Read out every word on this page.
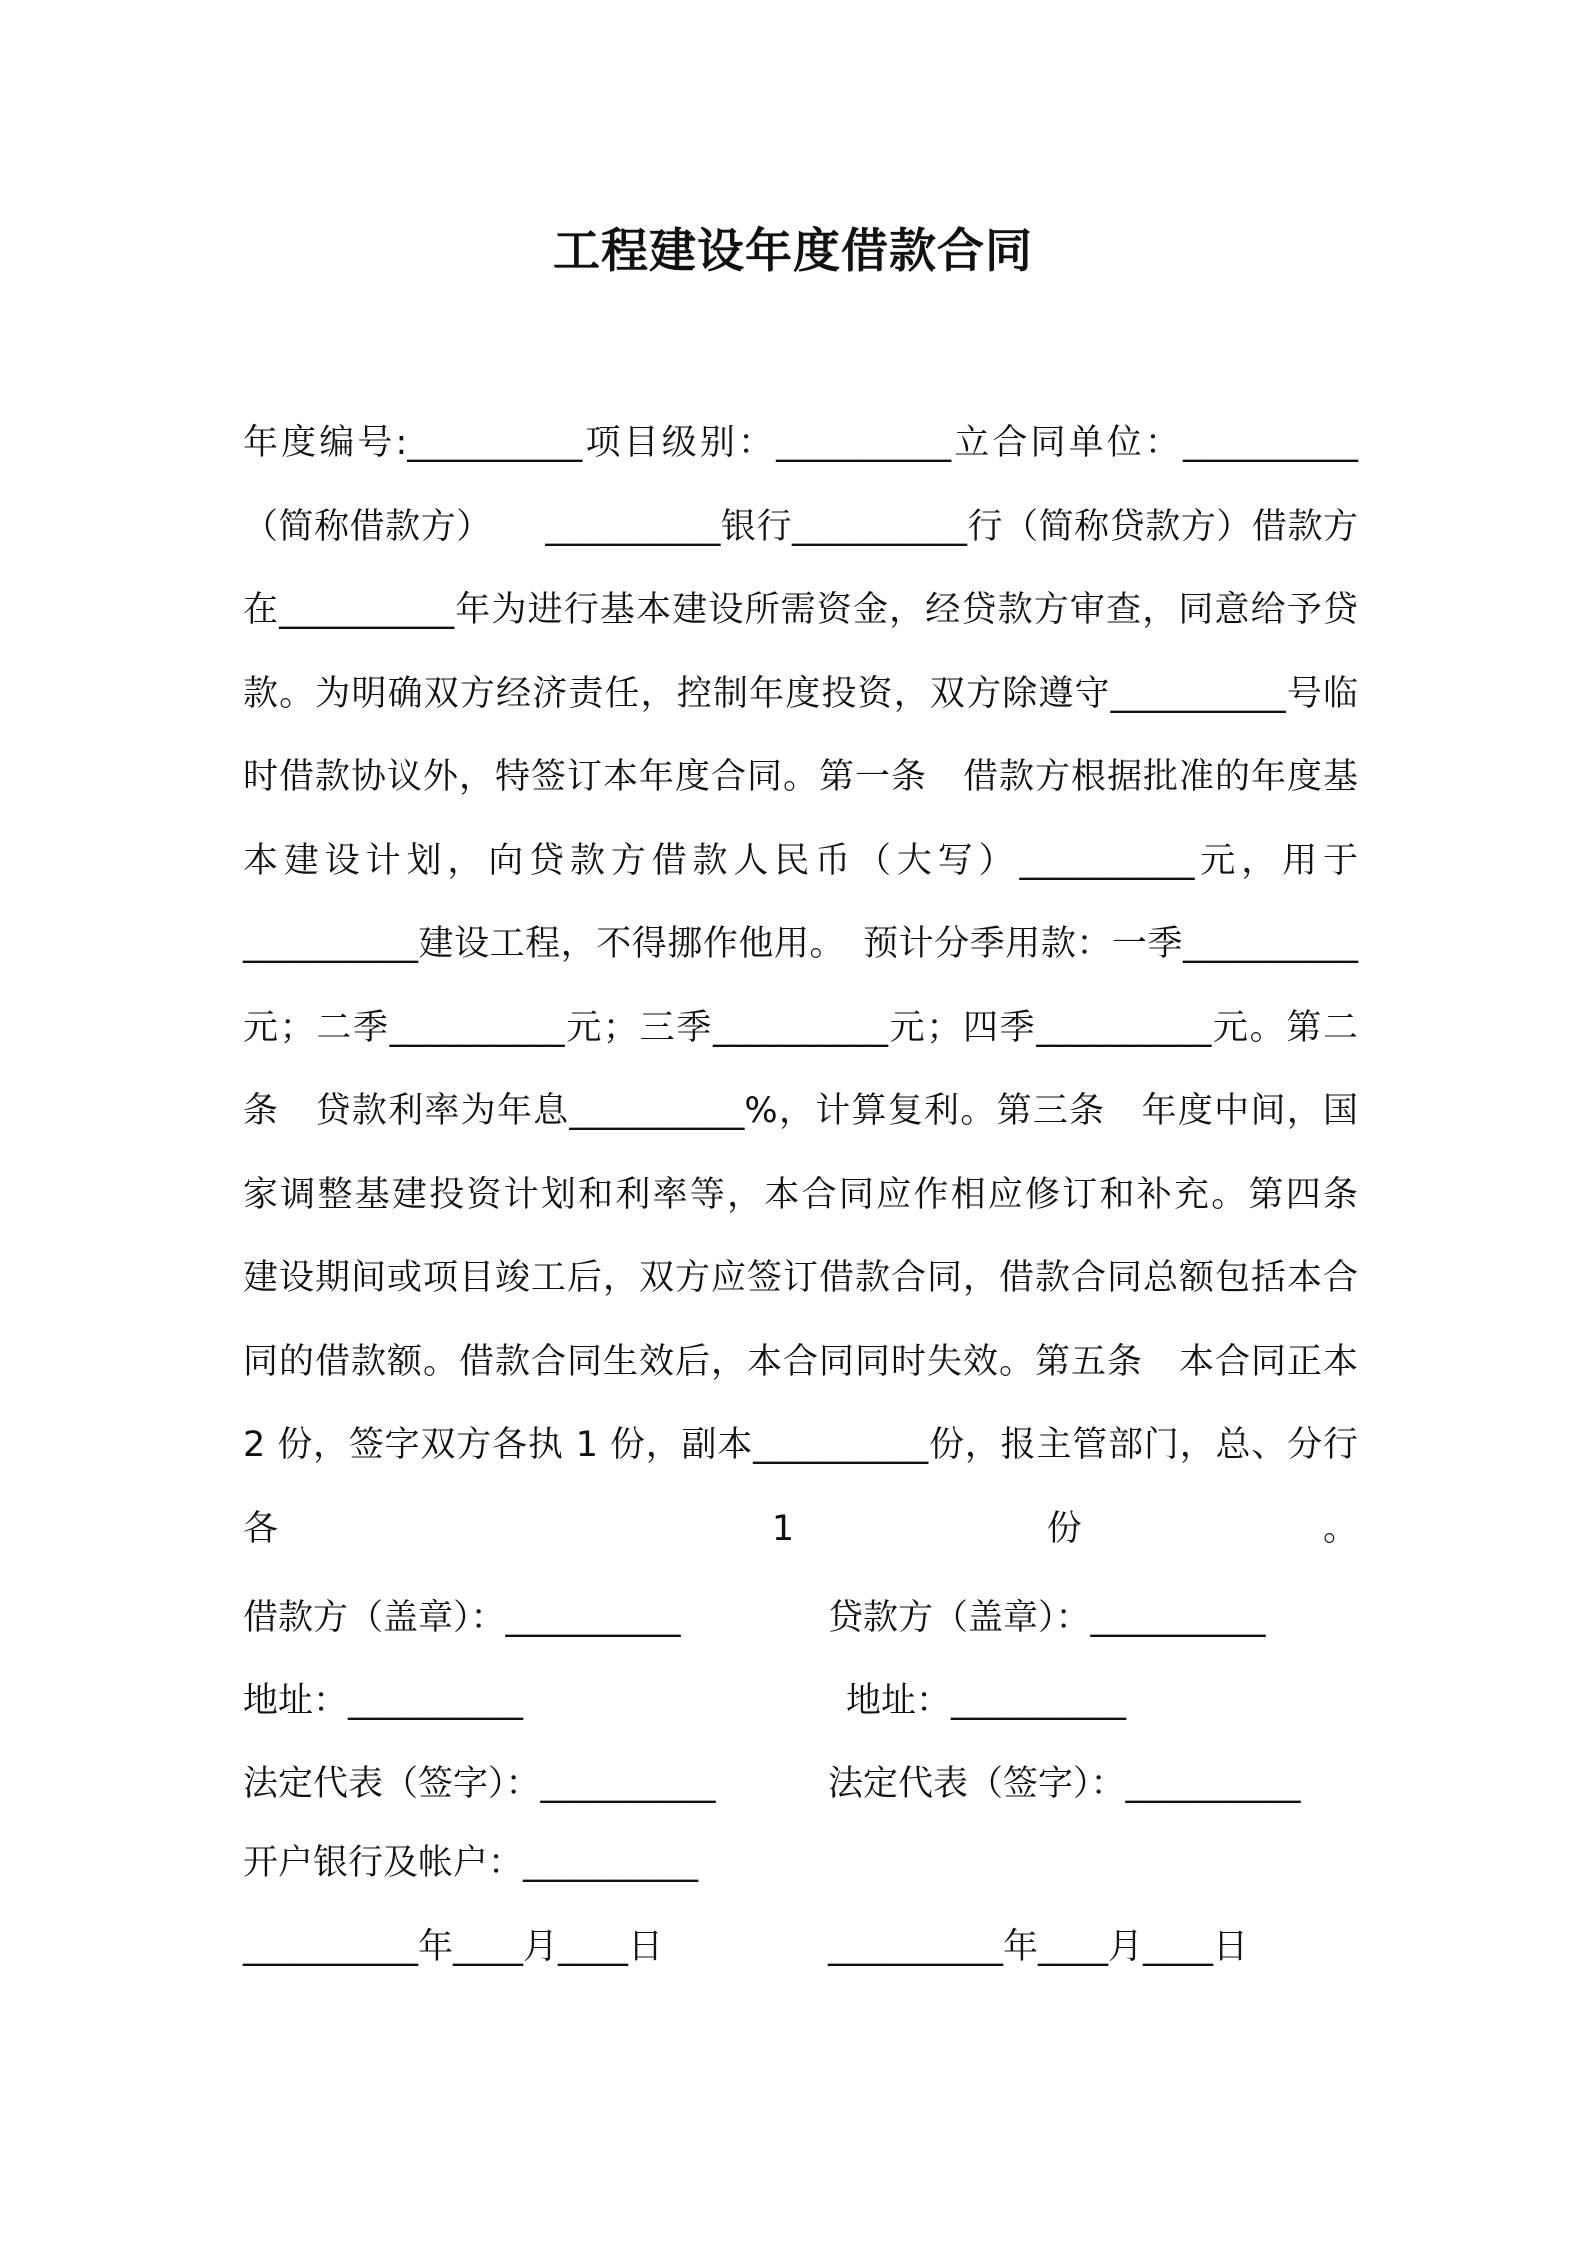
工程建设年度借款合同

年度编号:__________项目级别：__________立合同单位：__________（简称借款方）　　__________银行__________行（简称贷款方）借款方在__________年为进行基本建设所需资金，经贷款方审查，同意给予贷款。为明确双方经济责任，控制年度投资，双方除遵守__________号临时借款协议外，特签订本年度合同。第一条　借款方根据批准的年度基本建设计划，向贷款方借款人民币（大写）__________元，用于__________建设工程，不得挪作他用。　预计分季用款：一季__________元；二季__________元；三季__________元；四季__________元。第二条　贷款利率为年息__________%，计算复利。第三条　年度中间，国家调整基建投资计划和利率等，本合同应作相应修订和补充。第四条　建设期间或项目竣工后，双方应签订借款合同，借款合同总额包括本合同的借款额。借款合同生效后，本合同同时失效。第五条　本合同正本 2 份，签字双方各执 1 份，副本__________份，报主管部门，总、分行各 1 份。

借款方（盖章）：__________	贷款方（盖章）：__________
地址：__________	地址：__________
法定代表（签字）：__________	法定代表（签字）：__________
开户银行及帐户：__________
__________年____月____日	__________年____月____日
